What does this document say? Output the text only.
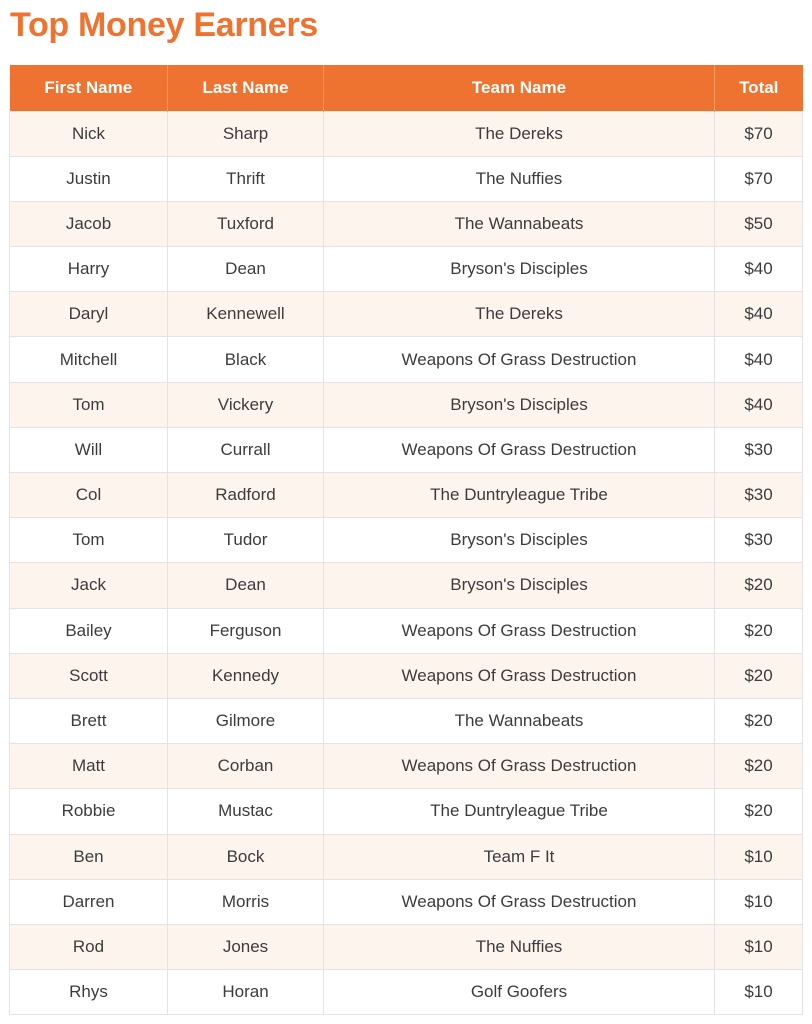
Top Money Earners
First Name	Last Name	Team Name	Total
Nick	Sharp	The Dereks	$70
Justin	Thrift	The Nuffies	$70
Jacob	Tuxford	The Wannabeats	$50
Harry	Dean	Bryson's Disciples	$40
Daryl	Kennewell	The Dereks	$40
Mitchell	Black	Weapons Of Grass Destruction	$40
Tom	Vickery	Bryson's Disciples	$40
Will	Currall	Weapons Of Grass Destruction	$30
Col	Radford	The Duntryleague Tribe	$30
Tom	Tudor	Bryson's Disciples	$30
Jack	Dean	Bryson's Disciples	$20
Bailey	Ferguson	Weapons Of Grass Destruction	$20
Scott	Kennedy	Weapons Of Grass Destruction	$20
Brett	Gilmore	The Wannabeats	$20
Matt	Corban	Weapons Of Grass Destruction	$20
Robbie	Mustac	The Duntryleague Tribe	$20
Ben	Bock	Team F It	$10
Darren	Morris	Weapons Of Grass Destruction	$10
Rod	Jones	The Nuffies	$10
Rhys	Horan	Golf Goofers	$10
